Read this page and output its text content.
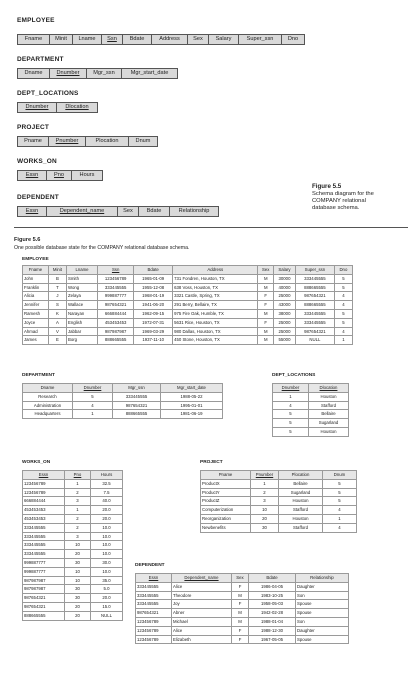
EMPLOYEE
Fname	Minit	Lname	Ssn	Bdate	Address	Sex	Salary	Super_ssn	Dno
DEPARTMENT
Dname	Dnumber	Mgr_ssn	Mgr_start_date
DEPT_LOCATIONS
Dnumber	Dlocation
PROJECT
Pname	Pnumber	Plocation	Dnum
WORKS_ON
Essn	Pno	Hours
DEPENDENT
Essn	Dependent_name	Sex	Bdate	Relationship
Figure 5.5
Schema diagram for the
COMPANY relational
database schema.
Figure 5.6
One possible database state for the COMPANY relational database schema.
EMPLOYEE
Fname	Minit	Lname	Ssn	Bdate	Address	Sex	Salary	Super_ssn	Dno
John	B	Smith	123456789	1965-01-09	731 Fondren, Houston, TX	M	30000	333445555	5
Franklin	T	Wong	333445555	1955-12-08	638 Voss, Houston, TX	M	40000	888665555	5
Alicia	J	Zelaya	999887777	1968-01-19	3321 Castle, Spring, TX	F	25000	987654321	4
Jennifer	S	Wallace	987654321	1941-06-20	291 Berry, Bellaire, TX	F	43000	888665555	4
Ramesh	K	Narayan	666884444	1962-09-15	975 Fire Oak, Humble, TX	M	38000	333445555	5
Joyce	A	English	453453453	1972-07-31	5631 Rice, Houston, TX	F	25000	333445555	5
Ahmad	V	Jabbar	987987987	1969-03-29	980 Dallas, Houston, TX	M	25000	987654321	4
James	E	Borg	888665555	1937-11-10	450 Stone, Houston, TX	M	55000	NULL	1
DEPARTMENT
Dname	Dnumber	Mgr_ssn	Mgr_start_date
Research	5	333445555	1988-05-22
Administration	4	987654321	1995-01-01
Headquarters	1	888665555	1981-06-19
DEPT_LOCATIONS
Dnumber	Dlocation
1	Houston
4	Stafford
5	Bellaire
5	Sugarland
5	Houston
WORKS_ON
Essn	Pno	Hours
123456789	1	32.5
123456789	2	7.5
666884444	3	40.0
453453453	1	20.0
453453453	2	20.0
333445555	2	10.0
333445555	3	10.0
333445555	10	10.0
333445555	20	10.0
999887777	30	30.0
999887777	10	10.0
987987987	10	35.0
987987987	30	5.0
987654321	30	20.0
987654321	20	15.0
888665555	20	NULL
PROJECT
Pname	Pnumber	Plocation	Dnum
ProductX	1	Bellaire	5
ProductY	2	Sugarland	5
ProductZ	3	Houston	5
Computerization	10	Stafford	4
Reorganization	20	Houston	1
Newbenefits	30	Stafford	4
DEPENDENT
Essn	Dependent_name	Sex	Bdate	Relationship
333445555	Alice	F	1986-04-05	Daughter
333445555	Theodore	M	1983-10-25	Son
333445555	Joy	F	1958-05-03	Spouse
987654321	Abner	M	1942-02-28	Spouse
123456789	Michael	M	1988-01-04	Son
123456789	Alice	F	1988-12-30	Daughter
123456789	Elizabeth	F	1967-05-05	Spouse
